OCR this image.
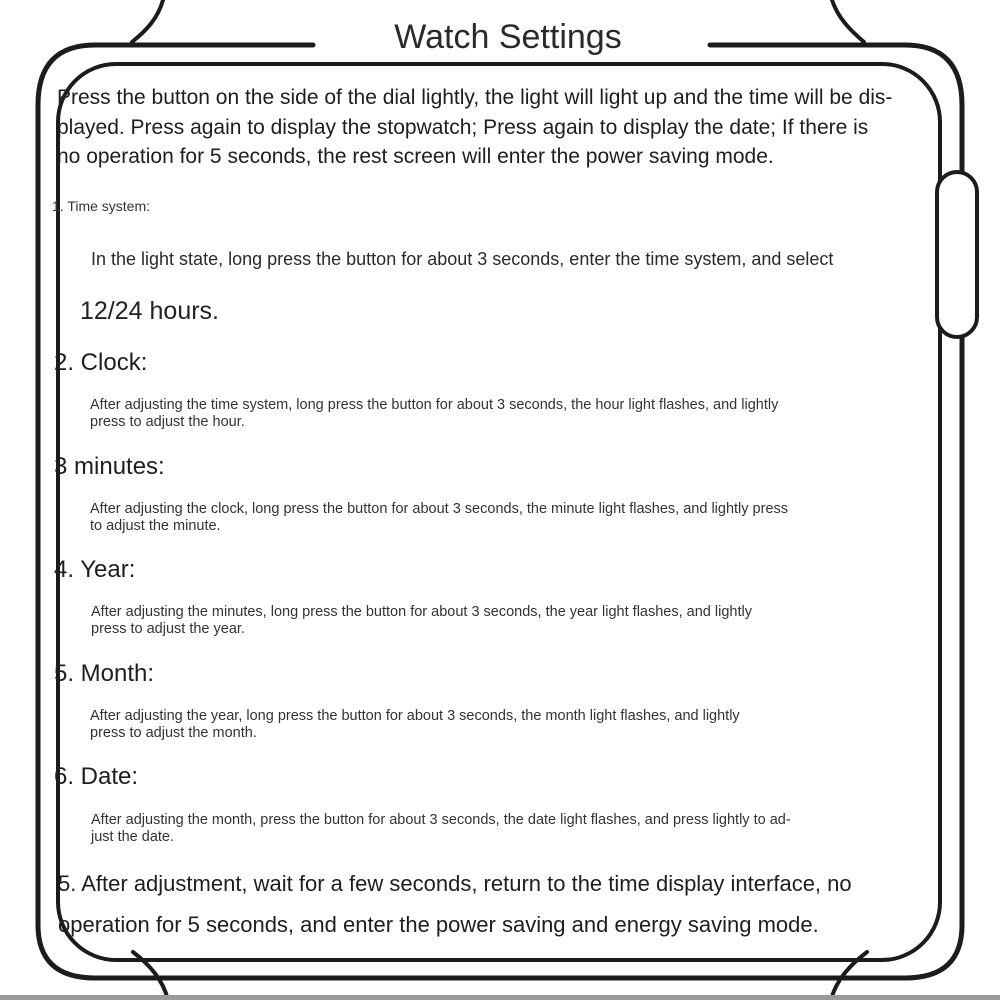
Watch Settings
Press the button on the side of the dial lightly, the light will light up and the time will be dis-
played. Press again to display the stopwatch; Press again to display the date; If there is
no operation for 5 seconds, the rest screen will enter the power saving mode.
1. Time system:
In the light state, long press the button for about 3 seconds, enter the time system, and select
12/24 hours.
2. Clock:
After adjusting the time system, long press the button for about 3 seconds, the hour light flashes, and lightly
press to adjust the hour.
3 minutes:
After adjusting the clock, long press the button for about 3 seconds, the minute light flashes, and lightly press
to adjust the minute.
4. Year:
After adjusting the minutes, long press the button for about 3 seconds, the year light flashes, and lightly
press to adjust the year.
5. Month:
After adjusting the year, long press the button for about 3 seconds, the month light flashes, and lightly
press to adjust the month.
6. Date:
After adjusting the month, press the button for about 3 seconds, the date light flashes, and press lightly to ad-
just the date.
5. After adjustment, wait for a few seconds, return to the time display interface, no
operation for 5 seconds, and enter the power saving and energy saving mode.
